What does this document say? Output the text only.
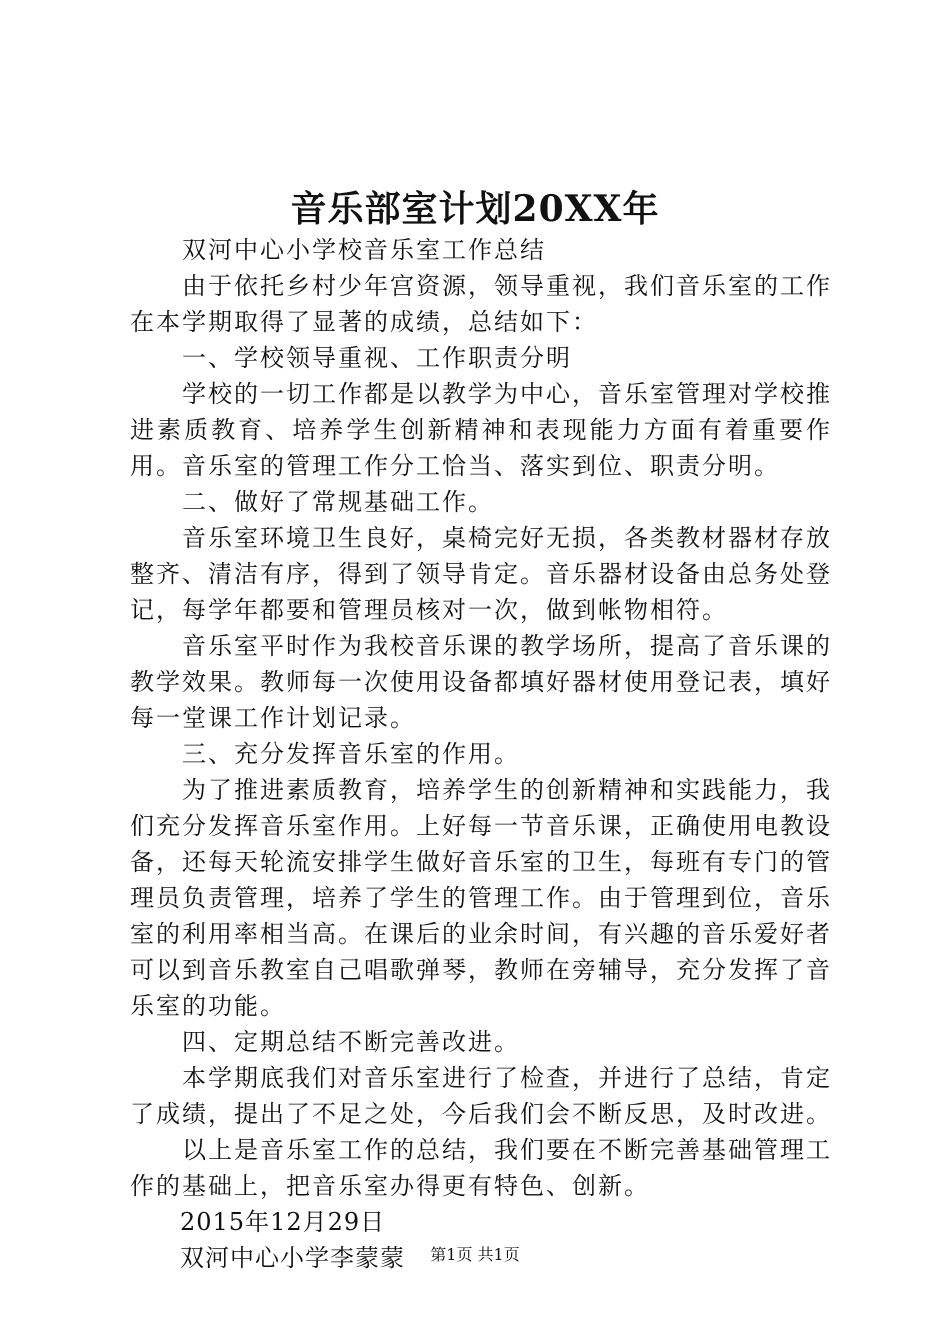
音乐部室计划20XX年

双河中心小学校音乐室工作总结

由于依托乡村少年宫资源，领导重视，我们音乐室的工作在本学期取得了显著的成绩，总结如下：

一、学校领导重视、工作职责分明

学校的一切工作都是以教学为中心，音乐室管理对学校推进素质教育、培养学生创新精神和表现能力方面有着重要作用。音乐室的管理工作分工恰当、落实到位、职责分明。

二、做好了常规基础工作。

音乐室环境卫生良好，桌椅完好无损，各类教材器材存放整齐、清洁有序，得到了领导肯定。音乐器材设备由总务处登记，每学年都要和管理员核对一次，做到帐物相符。

音乐室平时作为我校音乐课的教学场所，提高了音乐课的教学效果。教师每一次使用设备都填好器材使用登记表，填好每一堂课工作计划记录。

三、充分发挥音乐室的作用。

为了推进素质教育，培养学生的创新精神和实践能力，我们充分发挥音乐室作用。上好每一节音乐课，正确使用电教设备，还每天轮流安排学生做好音乐室的卫生，每班有专门的管理员负责管理，培养了学生的管理工作。由于管理到位，音乐室的利用率相当高。在课后的业余时间，有兴趣的音乐爱好者可以到音乐教室自己唱歌弹琴，教师在旁辅导，充分发挥了音乐室的功能。

四、定期总结不断完善改进。

本学期底我们对音乐室进行了检查，并进行了总结，肯定了成绩，提出了不足之处，今后我们会不断反思，及时改进。

以上是音乐室工作的总结，我们要在不断完善基础管理工作的基础上，把音乐室办得更有特色、创新。

2015年12月29日

双河中心小学李蒙蒙	第1页 共1页
